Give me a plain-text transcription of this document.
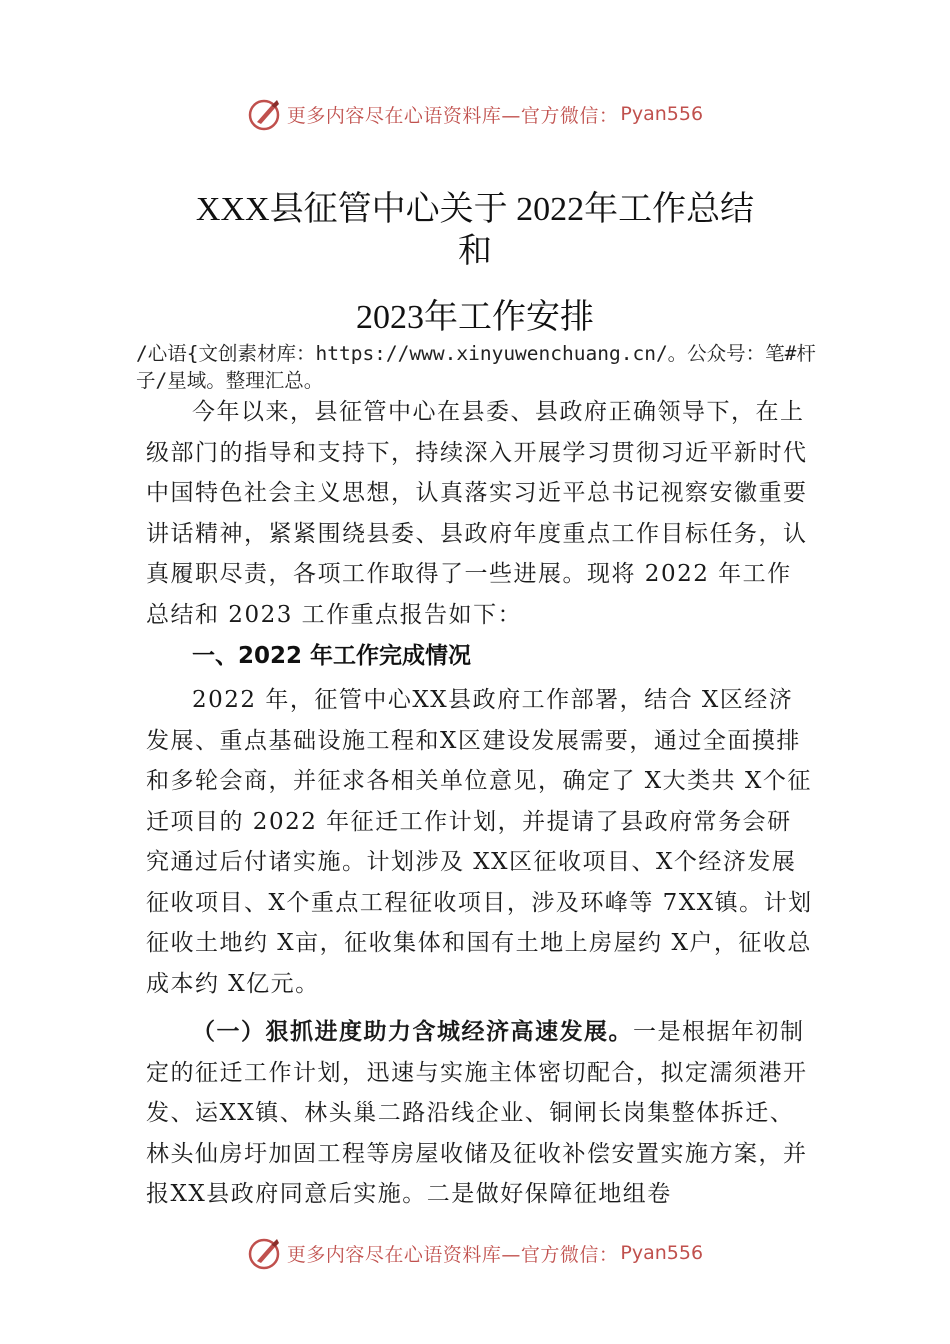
更多内容尽在心语资料库—官方微信： Pyan556
XXX县征管中心关于 2022年工作总结
和
2023年工作安排

/心语{文创素材库：https://www.xinyuwenchuang.cn/。公众号：笔#杆子/星域。整理汇总。

今年以来，县征管中心在县委、县政府正确领导下，在上级部门的指导和支持下，持续深入开展学习贯彻习近平新时代中国特色社会主义思想，认真落实习近平总书记视察安徽重要讲话精神，紧紧围绕县委、县政府年度重点工作目标任务，认真履职尽责，各项工作取得了一些进展。现将 2022 年工作总结和 2023 工作重点报告如下：

一、2022 年工作完成情况

2022 年，征管中心XX县政府工作部署，结合 X区经济发展、重点基础设施工程和X区建设发展需要，通过全面摸排和多轮会商，并征求各相关单位意见，确定了 X大类共 X个征迁项目的 2022 年征迁工作计划，并提请了县政府常务会研究通过后付诸实施。计划涉及 XX区征收项目、X个经济发展征收项目、X个重点工程征收项目，涉及环峰等 7XX镇。计划征收土地约 X亩，征收集体和国有土地上房屋约 X户，征收总成本约 X亿元。

（一）狠抓进度助力含城经济高速发展。一是根据年初制定的征迁工作计划，迅速与实施主体密切配合，拟定濡须港开发、运XX镇、林头巢二路沿线企业、铜闸长岗集整体拆迁、林头仙房圩加固工程等房屋收储及征收补偿安置实施方案，并报XX县政府同意后实施。二是做好保障征地组卷

更多内容尽在心语资料库—官方微信： Pyan556
